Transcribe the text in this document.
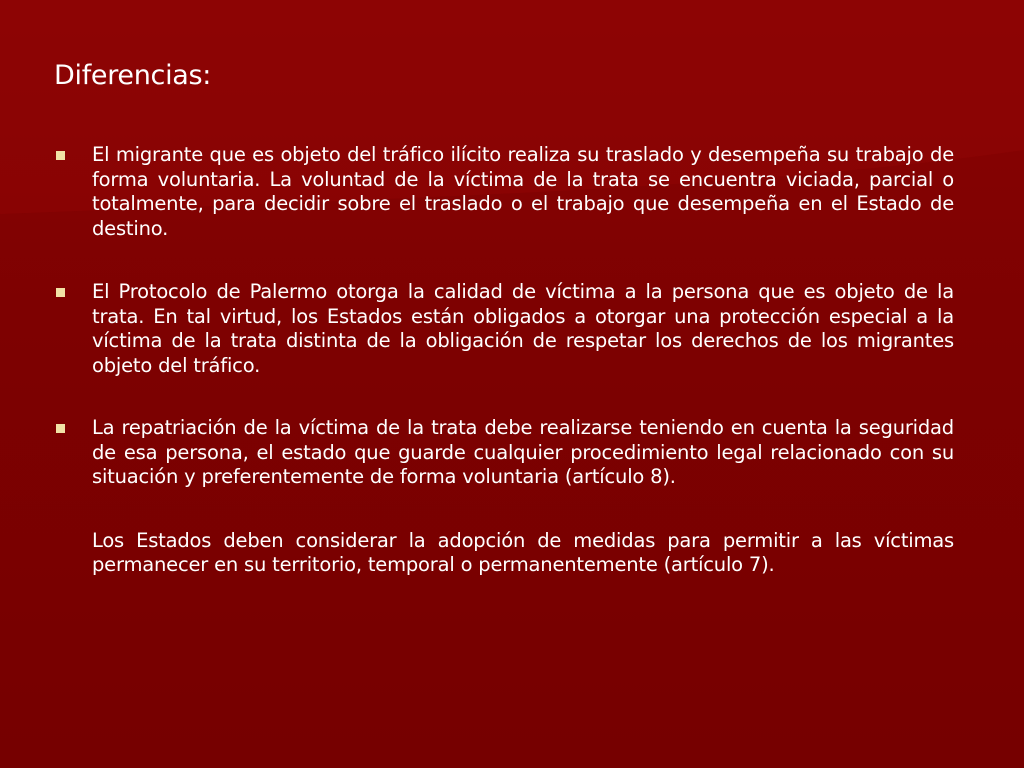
Diferencias:
El migrante que es objeto del tráfico ilícito realiza su traslado y desempeña su trabajo de forma voluntaria. La voluntad de la víctima de la trata se encuentra viciada, parcial o totalmente, para decidir sobre el traslado o el trabajo que desempeña en el Estado de destino.
El Protocolo de Palermo otorga la calidad de víctima a la persona que es objeto de la trata. En tal virtud, los Estados están obligados a otorgar una protección especial a la víctima de la trata distinta de la obligación de respetar los derechos de los migrantes objeto del tráfico.
La repatriación de la víctima de la trata debe realizarse teniendo en cuenta la seguridad de esa persona, el estado que guarde cualquier procedimiento legal relacionado con su situación y preferentemente de forma voluntaria (artículo 8).
Los Estados deben considerar la adopción de medidas para permitir a las víctimas permanecer en su territorio, temporal o permanentemente (artículo 7).
